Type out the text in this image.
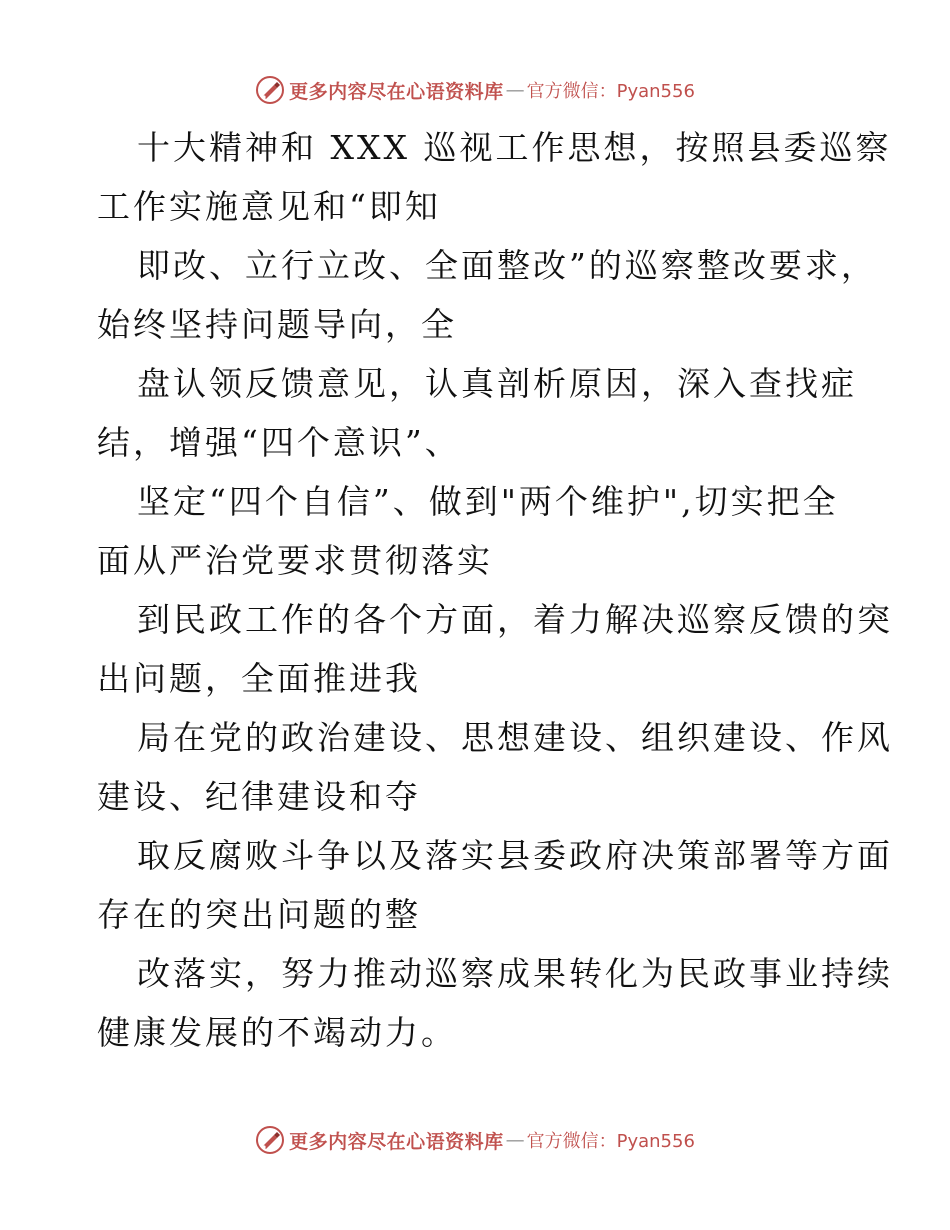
更多内容尽在心语资料库 — 官方微信：Pyan556
十大精神和 XXX 巡视工作思想，按照县委巡察
工作实施意见和“即知
即改、立行立改、全面整改”的巡察整改要求，
始终坚持问题导向，全
盘认领反馈意见，认真剖析原因，深入查找症
结，增强“四个意识”、
坚定“四个自信”、做到"两个维护",切实把全
面从严治党要求贯彻落实
到民政工作的各个方面，着力解决巡察反馈的突
出问题，全面推进我
局在党的政治建设、思想建设、组织建设、作风
建设、纪律建设和夺
取反腐败斗争以及落实县委政府决策部署等方面
存在的突出问题的整
改落实，努力推动巡察成果转化为民政事业持续
健康发展的不竭动力。
更多内容尽在心语资料库 — 官方微信：Pyan556
